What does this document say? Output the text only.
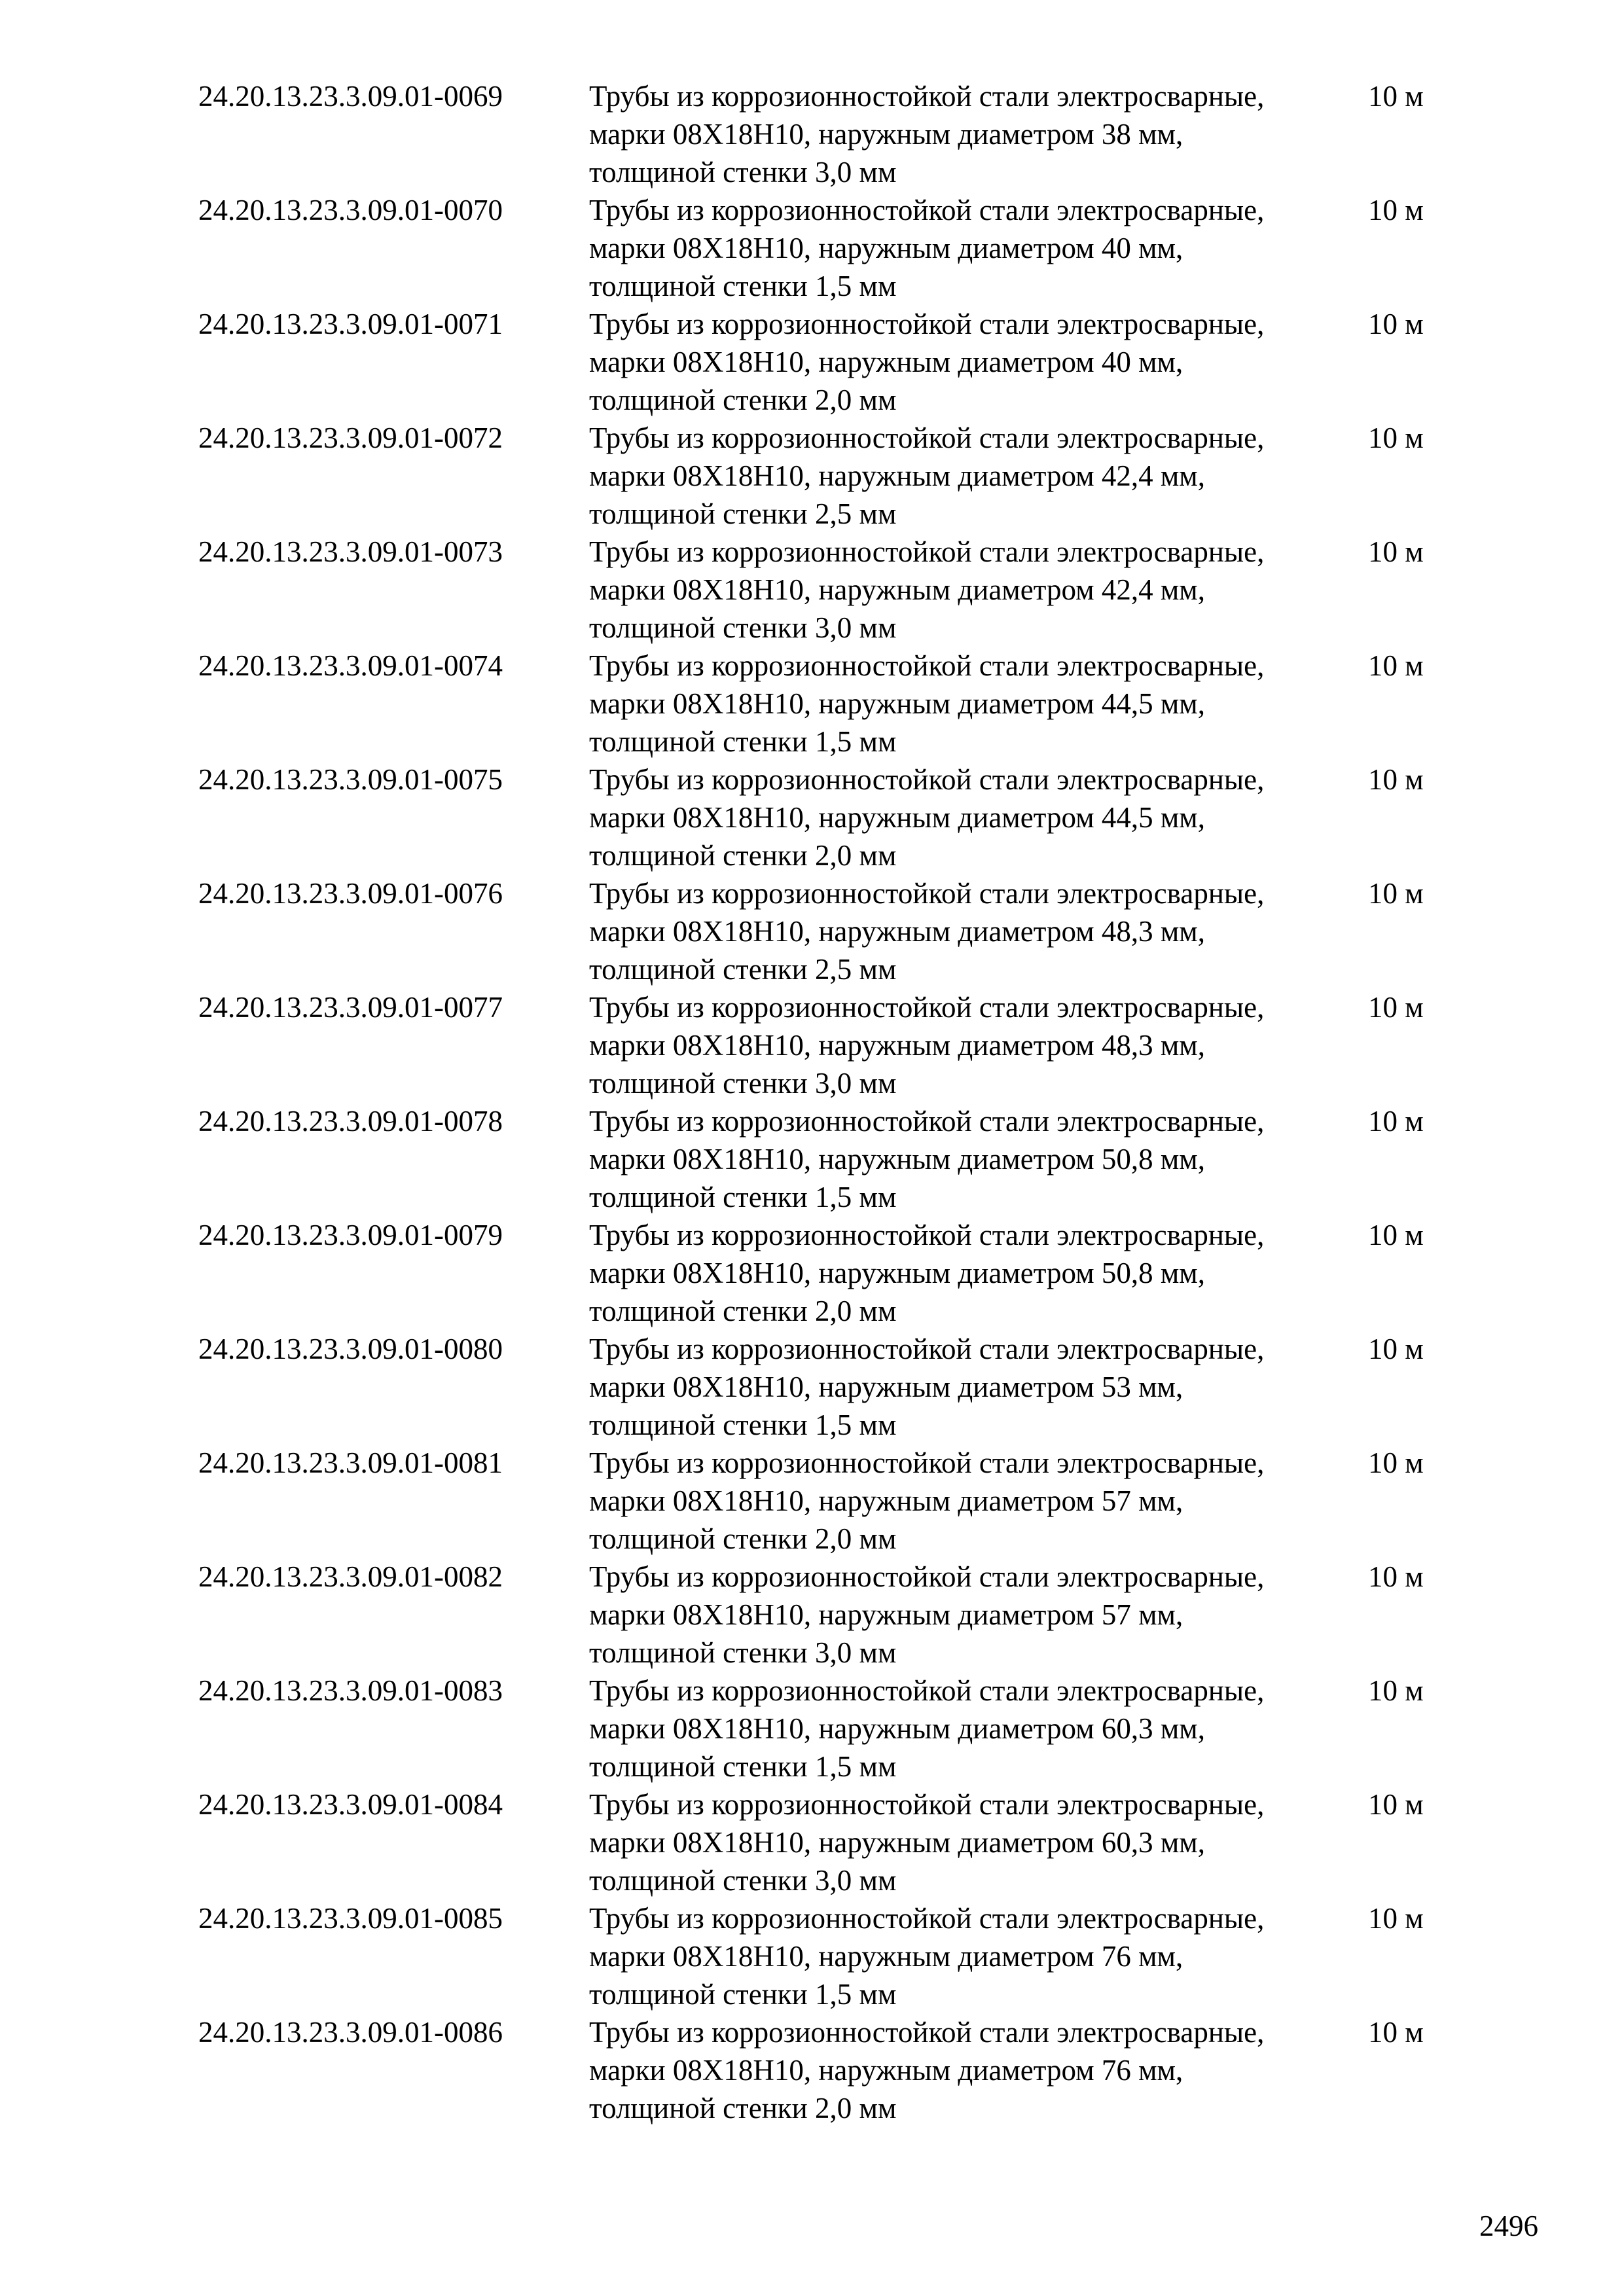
24.20.13.23.3.09.01-0069	Трубы из коррозионностойкой стали электросварные,
марки 08Х18Н10, наружным диаметром 38 мм,
толщиной стенки 3,0 мм
10 м
24.20.13.23.3.09.01-0070	Трубы из коррозионностойкой стали электросварные,
марки 08Х18Н10, наружным диаметром 40 мм,
толщиной стенки 1,5 мм
10 м
24.20.13.23.3.09.01-0071	Трубы из коррозионностойкой стали электросварные,
марки 08Х18Н10, наружным диаметром 40 мм,
толщиной стенки 2,0 мм
10 м
24.20.13.23.3.09.01-0072	Трубы из коррозионностойкой стали электросварные,
марки 08Х18Н10, наружным диаметром 42,4 мм,
толщиной стенки 2,5 мм
10 м
24.20.13.23.3.09.01-0073	Трубы из коррозионностойкой стали электросварные,
марки 08Х18Н10, наружным диаметром 42,4 мм,
толщиной стенки 3,0 мм
10 м
24.20.13.23.3.09.01-0074	Трубы из коррозионностойкой стали электросварные,
марки 08Х18Н10, наружным диаметром 44,5 мм,
толщиной стенки 1,5 мм
10 м
24.20.13.23.3.09.01-0075	Трубы из коррозионностойкой стали электросварные,
марки 08Х18Н10, наружным диаметром 44,5 мм,
толщиной стенки 2,0 мм
10 м
24.20.13.23.3.09.01-0076	Трубы из коррозионностойкой стали электросварные,
марки 08Х18Н10, наружным диаметром 48,3 мм,
толщиной стенки 2,5 мм
10 м
24.20.13.23.3.09.01-0077	Трубы из коррозионностойкой стали электросварные,
марки 08Х18Н10, наружным диаметром 48,3 мм,
толщиной стенки 3,0 мм
10 м
24.20.13.23.3.09.01-0078	Трубы из коррозионностойкой стали электросварные,
марки 08Х18Н10, наружным диаметром 50,8 мм,
толщиной стенки 1,5 мм
10 м
24.20.13.23.3.09.01-0079	Трубы из коррозионностойкой стали электросварные,
марки 08Х18Н10, наружным диаметром 50,8 мм,
толщиной стенки 2,0 мм
10 м
24.20.13.23.3.09.01-0080	Трубы из коррозионностойкой стали электросварные,
марки 08Х18Н10, наружным диаметром 53 мм,
толщиной стенки 1,5 мм
10 м
24.20.13.23.3.09.01-0081	Трубы из коррозионностойкой стали электросварные,
марки 08Х18Н10, наружным диаметром 57 мм,
толщиной стенки 2,0 мм
10 м
24.20.13.23.3.09.01-0082	Трубы из коррозионностойкой стали электросварные,
марки 08Х18Н10, наружным диаметром 57 мм,
толщиной стенки 3,0 мм
10 м
24.20.13.23.3.09.01-0083	Трубы из коррозионностойкой стали электросварные,
марки 08Х18Н10, наружным диаметром 60,3 мм,
толщиной стенки 1,5 мм
10 м
24.20.13.23.3.09.01-0084	Трубы из коррозионностойкой стали электросварные,
марки 08Х18Н10, наружным диаметром 60,3 мм,
толщиной стенки 3,0 мм
10 м
24.20.13.23.3.09.01-0085	Трубы из коррозионностойкой стали электросварные,
марки 08Х18Н10, наружным диаметром 76 мм,
толщиной стенки 1,5 мм
10 м
24.20.13.23.3.09.01-0086	Трубы из коррозионностойкой стали электросварные,
марки 08Х18Н10, наружным диаметром 76 мм,
толщиной стенки 2,0 мм
10 м
2496
